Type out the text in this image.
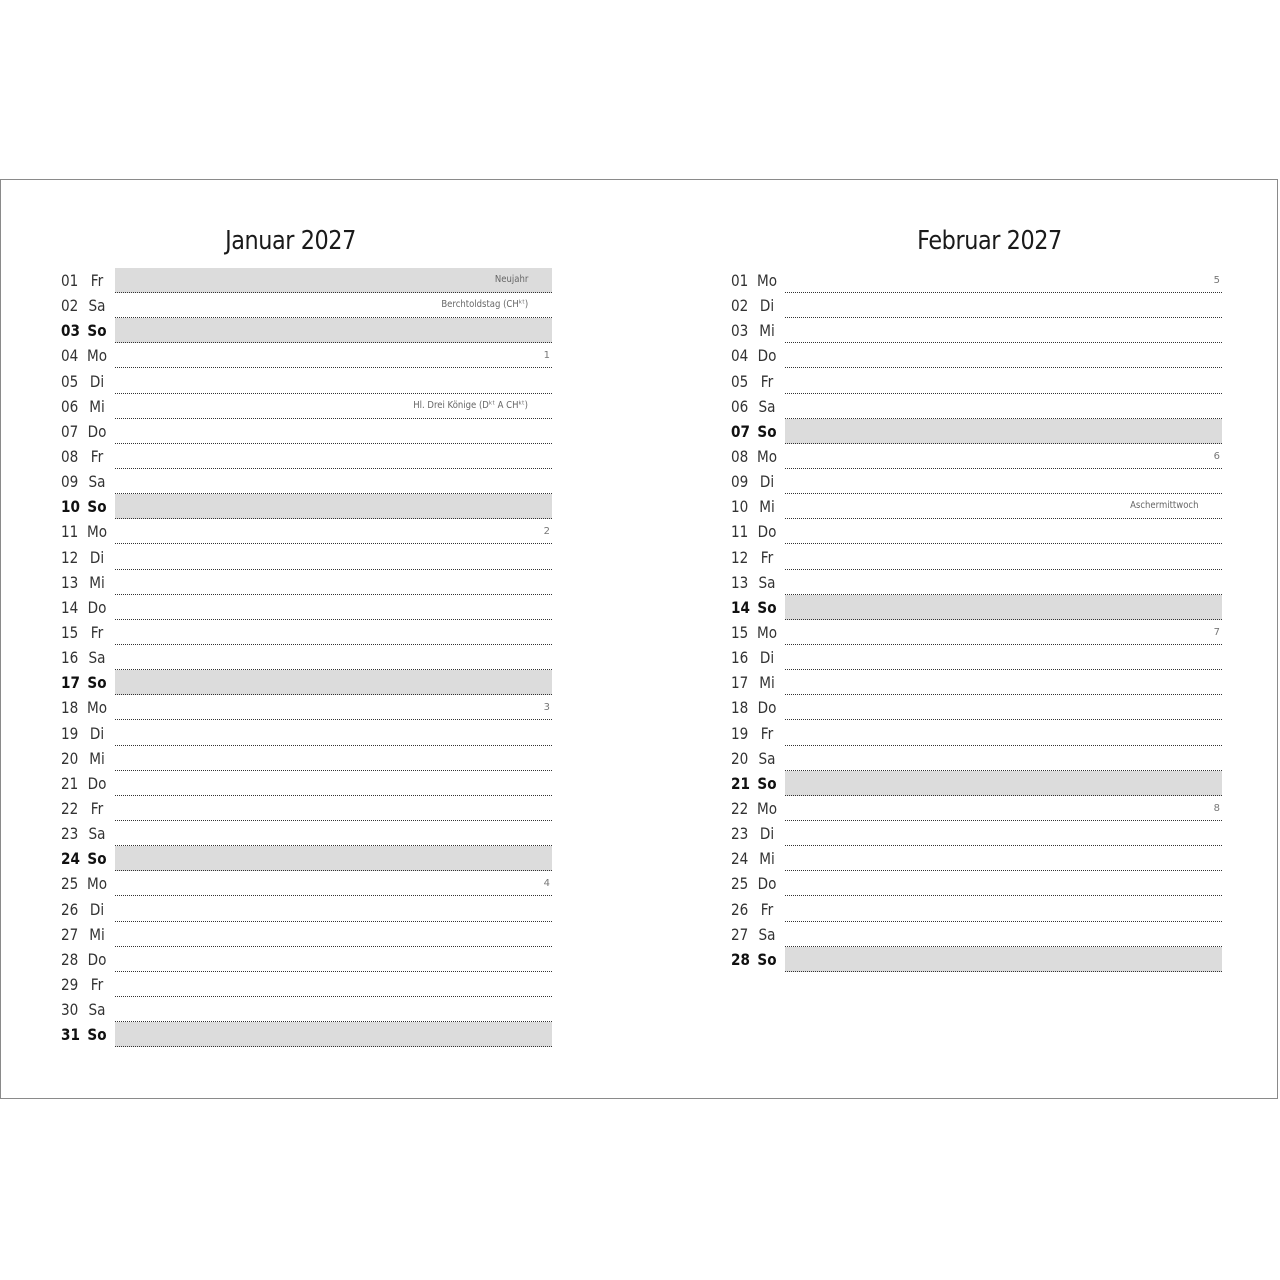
Januar 2027
01 Fr	Neujahr
02 Sa	Berchtoldstag (CHᵏᵗ)
03 So
04 Mo	1
05 Di
06 Mi	Hl. Drei Könige (Dᵏᵗ A CHᵏᵗ)
07 Do
08 Fr
09 Sa
10 So
11 Mo	2
12 Di
13 Mi
14 Do
15 Fr
16 Sa
17 So
18 Mo	3
19 Di
20 Mi
21 Do
22 Fr
23 Sa
24 So
25 Mo	4
26 Di
27 Mi
28 Do
29 Fr
30 Sa
31 So
Februar 2027
01 Mo	5
02 Di
03 Mi
04 Do
05 Fr
06 Sa
07 So
08 Mo	6
09 Di
10 Mi	Aschermittwoch
11 Do
12 Fr
13 Sa
14 So
15 Mo	7
16 Di
17 Mi
18 Do
19 Fr
20 Sa
21 So
22 Mo	8
23 Di
24 Mi
25 Do
26 Fr
27 Sa
28 So
